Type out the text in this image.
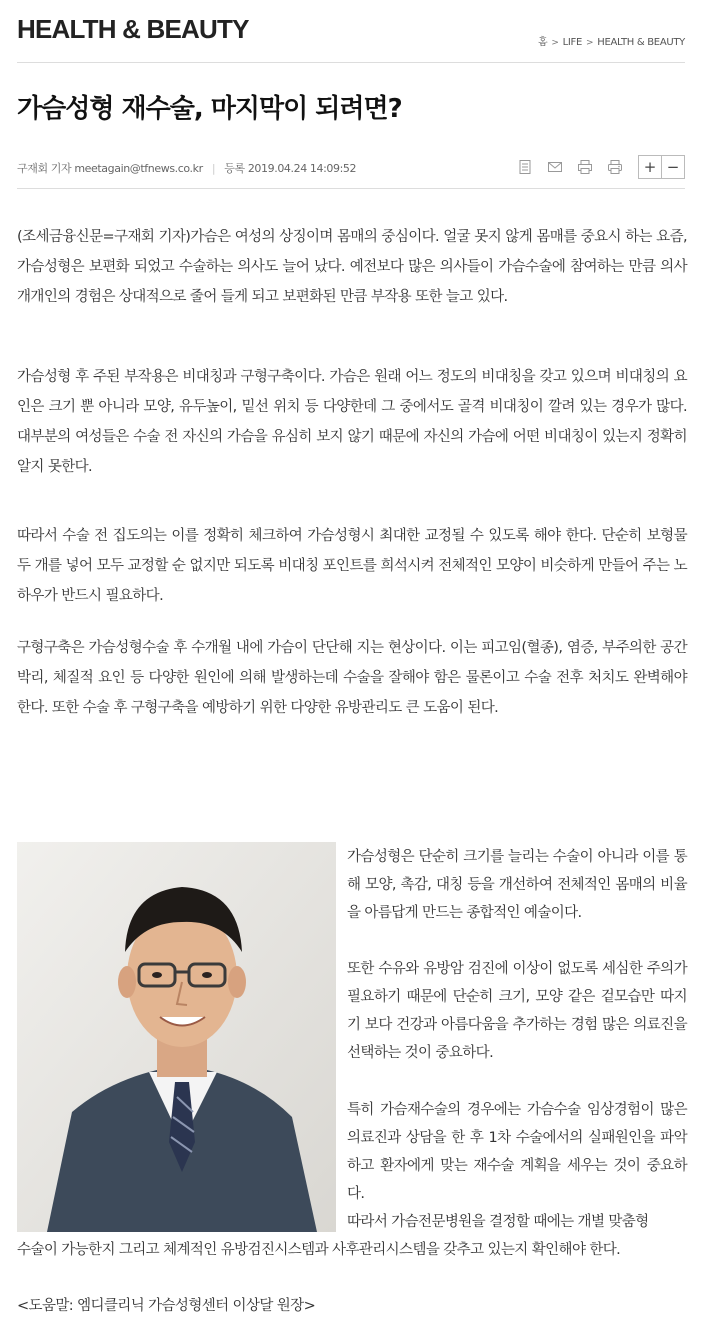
HEALTH & BEAUTY	홈 > LIFE > HEALTH & BEAUTY
가슴성형 재수술, 마지막이 되려면?
구재회 기자 meetagain@tfnews.co.kr | 등록 2019.04.24 14:09:52	+ −

(조세금융신문=구재회 기자)가슴은 여성의 상징이며 몸매의 중심이다. 얼굴 못지 않게 몸매를 중요시 하는 요즘, 가슴성형은 보편화 되었고 수술하는 의사도 늘어 났다. 예전보다 많은 의사들이 가슴수술에 참여하는 만큼 의사 개개인의 경험은 상대적으로 줄어 들게 되고 보편화된 만큼 부작용 또한 늘고 있다.

가슴성형 후 주된 부작용은 비대칭과 구형구축이다. 가슴은 원래 어느 정도의 비대칭을 갖고 있으며 비대칭의 요인은 크기 뿐 아니라 모양, 유두높이, 밑선 위치 등 다양한데 그 중에서도 골격 비대칭이 깔려 있는 경우가 많다. 대부분의 여성들은 수술 전 자신의 가슴을 유심히 보지 않기 때문에 자신의 가슴에 어떤 비대칭이 있는지 정확히 알지 못한다.

따라서 수술 전 집도의는 이를 정확히 체크하여 가슴성형시 최대한 교정될 수 있도록 해야 한다. 단순히 보형물 두 개를 넣어 모두 교정할 순 없지만 되도록 비대칭 포인트를 희석시켜 전체적인 모양이 비슷하게 만들어 주는 노하우가 반드시 필요하다.

구형구축은 가슴성형수술 후 수개월 내에 가슴이 단단해 지는 현상이다. 이는 피고임(혈종), 염증, 부주의한 공간박리, 체질적 요인 등 다양한 원인에 의해 발생하는데 수술을 잘해야 함은 물론이고 수술 전후 처치도 완벽해야 한다. 또한 수술 후 구형구축을 예방하기 위한 다양한 유방관리도 큰 도움이 된다.

가슴성형은 단순히 크기를 늘리는 수술이 아니라 이를 통해 모양, 촉감, 대칭 등을 개선하여 전체적인 몸매의 비율을 아름답게 만드는 종합적인 예술이다.

또한 수유와 유방암 검진에 이상이 없도록 세심한 주의가 필요하기 때문에 단순히 크기, 모양 같은 겉모습만 따지기 보다 건강과 아름다움을 추가하는 경험 많은 의료진을 선택하는 것이 중요하다.

특히 가슴재수술의 경우에는 가슴수술 임상경험이 많은 의료진과 상담을 한 후 1차 수술에서의 실패원인을 파악하고 환자에게 맞는 재수술 계획을 세우는 것이 중요하다.

따라서 가슴전문병원을 결정할 때에는 개별 맞춤형

수술이 가능한지 그리고 체계적인 유방검진시스템과 사후관리시스템을 갖추고 있는지 확인해야 한다.

<도움말: 엠디클리닉 가슴성형센터 이상달 원장>
